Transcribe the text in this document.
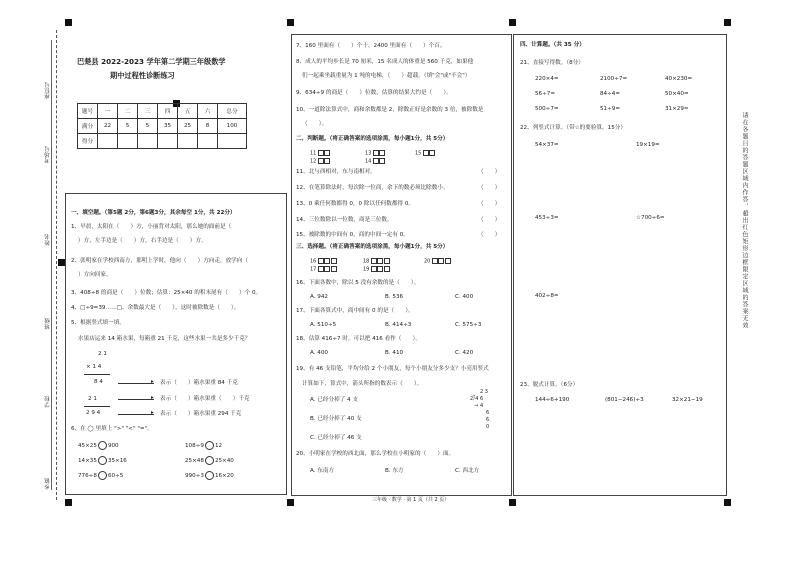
乡镇
学校
班级
姓名
考场号
座位号
巴楚县 2022-2023 学年第二学期三年级数学
期中过程性诊断练习
题号	一	二	三	四	五	六	总分
满分	22	5	5	35	25	8	100
得分							
一、填空题。（第5题 2分，第6题3分，其余每空 1分，共 22分）
1、早晨，太阳在（　　）方，小丽背对太阳，那么她的面前是（
）方，左手边是（　　）方，右手边是（　　）方。
2、张明家在学校西南方，那明上学时，他向（　　）方向走，放学向（
）方向回家。
3、408÷8 的商是（　　）位数；估算：25×40 的积末尾有（　　）个 0。
4、□÷9=39……□，余数最大是（　　），这时被除数是（　　）。
5、根据竖式填一填。
水果店运来 14 箱水果，每箱重 21 千克，这些水果一共是多少千克？
2 1
× 1 4
8 4
2 1
2 9 4
▸
▸
▸
表示（　　）箱水果重 84 千克
表示（　　）箱水果重（　　）千克
表示（　　）箱水果重 294 千克
6、在 ◯ 里填上 ">" "<" "="。
45×25 900	108÷9 12
14×35 35×16	25×48 25×40
776÷8 60÷5	990÷3 16×20
7、160 里面有（　　）个十，2400 里面有（　　）个百。
8、成人的平均步长是 70 厘米，15 名成人的体重是 560 千克，如果他
们一起乘坐载重量为 1 吨的电梯，（　　）超载。（填"会"或"不会"）
9、634÷9 的商是（　　）位数，估算的结果大约是（　　）。
10、一道除法算式中，商和余数都是 2，除数正好是余数的 3 倍，被除数是
（　　）。
二、判断题。（将正确答案的选项涂黑，每小题1分，共 5分）
11	13	15
12	14
11、北与西相对，东与南相对。	（　　）
12、在笔算除法时，每次除一位商，余下的数必须比除数小。	（　　）
13、0 乘任何数都得 0，0 除以任何数都得 0。	（　　）
14、三位数除以一位数，商是三位数。	（　　）
15、被除数的中间有 0，商的中间一定有 0。	（　　）
三、选择题。（将正确答案的选项涂黑，每小题1分，共 5分）
16	18	20
17	19
16、下面各数中，除以 5 没有余数的是（　　）。
A. 942	B. 536	C. 400
17、下面各算式中，商中间有 0 的是（　　）。
A. 510÷5	B. 414÷3	C. 575÷3
18、估算 416÷7 时，可以把 416 看作（　　）。
A. 400	B. 410	C. 420
19、有 46 支铅笔，平均分给 2 个小朋友，每个小朋友分多少支？小亮用竖式
计算如下，算式中，箭头所指的数表示（　　）。
2 3
2⟌4 6
4
6
6
0
→
A. 已经分掉了 4 支
B. 已经分掉了 40 支
C. 已经分掉了 46 支
20、小明家在学校的西北面，那么学校在小明家的（　　）面。
A. 东南方	B. 东方	C. 西北方
四、计算题。（共 35 分）
21、直接写得数。（8分）
220×4=	2100÷7=	40×230=
56÷7=	84÷4=	50×40=
500÷7=	51÷9=	31×29≈
22、列竖式计算。（带☆的要验算，15分）
54×37=	19×19=
453÷3=	☆700÷6=
402÷8=
23、脱式计算。（6分）
144÷6+190	(801−246)÷3	32×21−19
请在各题目的答题区域内作答，超出红色矩形边框限定区域的答案无效
三年级 · 数学 · 第 1 页（共 2 页）
